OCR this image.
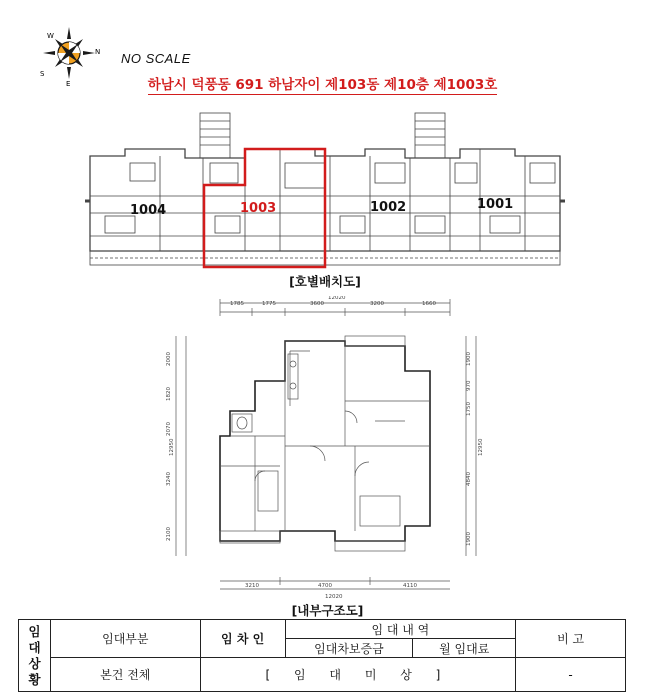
W
N
S
E
NO SCALE
하남시 덕풍동 691 하남자이 제103동 제10층 제1003호
1004	1003	1002	1001
[호별배치도]
1785	1775	3600	3200	1660
12020
3210	4700	4110
12020
2000
1820
2070
3240
2100
12950
1900
970
1750
4840
1900
12950
[내부구조도]
임
대
상
황	임대부분	임 차 인	임 대 내 역		비 고
			임대차보증금	월 임대료	
	본건 전체	[ 임 대 미 상 ]			-
